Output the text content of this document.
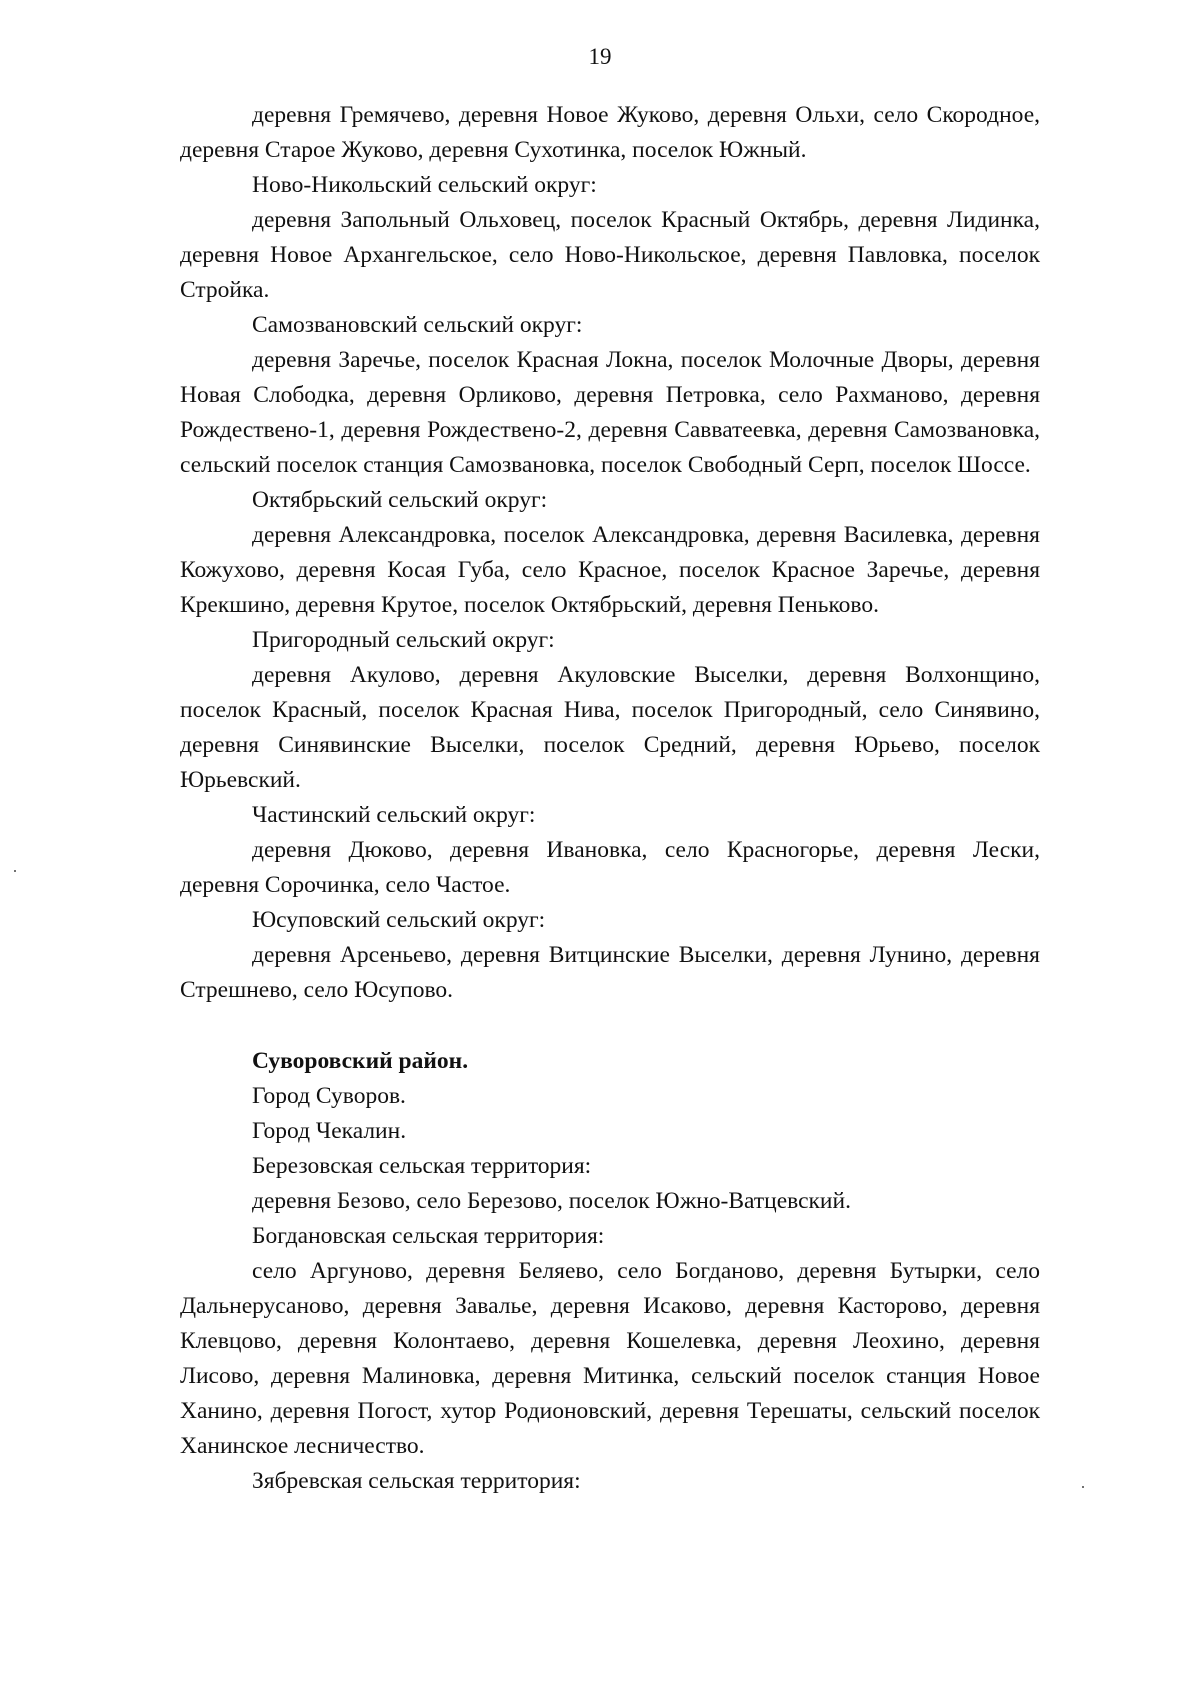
19

деревня Гремячево, деревня Новое Жуково, деревня Ольхи, село Скородное, деревня Старое Жуково, деревня Сухотинка, поселок Южный.

Ново-Никольский сельский округ:

деревня Запольный Ольховец, поселок Красный Октябрь, деревня Лидинка, деревня Новое Архангельское, село Ново-Никольское, деревня Павловка, поселок Стройка.

Самозвановский сельский округ:

деревня Заречье, поселок Красная Локна, поселок Молочные Дворы, деревня Новая Слободка, деревня Орликово, деревня Петровка, село Рахманово, деревня Рождествено-1, деревня Рождествено-2, деревня Савватеевка, деревня Самозвановка, сельский поселок станция Самозвановка, поселок Свободный Серп, поселок Шоссе.

Октябрьский сельский округ:

деревня Александровка, поселок Александровка, деревня Василевка, деревня Кожухово, деревня Косая Губа, село Красное, поселок Красное Заречье, деревня Крекшино, деревня Крутое, поселок Октябрьский, деревня Пеньково.

Пригородный сельский округ:

деревня Акулово, деревня Акуловские Выселки, деревня Волхонщино, поселок Красный, поселок Красная Нива, поселок Пригородный, село Синявино, деревня Синявинские Выселки, поселок Средний, деревня Юрьево, поселок Юрьевский.

Частинский сельский округ:

деревня Дюково, деревня Ивановка, село Красногорье, деревня Лески, деревня Сорочинка, село Частое.

Юсуповский сельский округ:

деревня Арсеньево, деревня Витцинские Выселки, деревня Лунино, деревня Стрешнево, село Юсупово.

Суворовский район.

Город Суворов.

Город Чекалин.

Березовская сельская территория:

деревня Безово, село Березово, поселок Южно-Ватцевский.

Богдановская сельская территория:

село Аргуново, деревня Беляево, село Богданово, деревня Бутырки, село Дальнерусаново, деревня Завалье, деревня Исаково, деревня Касторово, деревня Клевцово, деревня Колонтаево, деревня Кошелевка, деревня Леохино, деревня Лисово, деревня Малиновка, деревня Митинка, сельский поселок станция Новое Ханино, деревня Погост, хутор Родионовский, деревня Терешаты, сельский поселок Ханинское лесничество.

Зябревская сельская территория:
